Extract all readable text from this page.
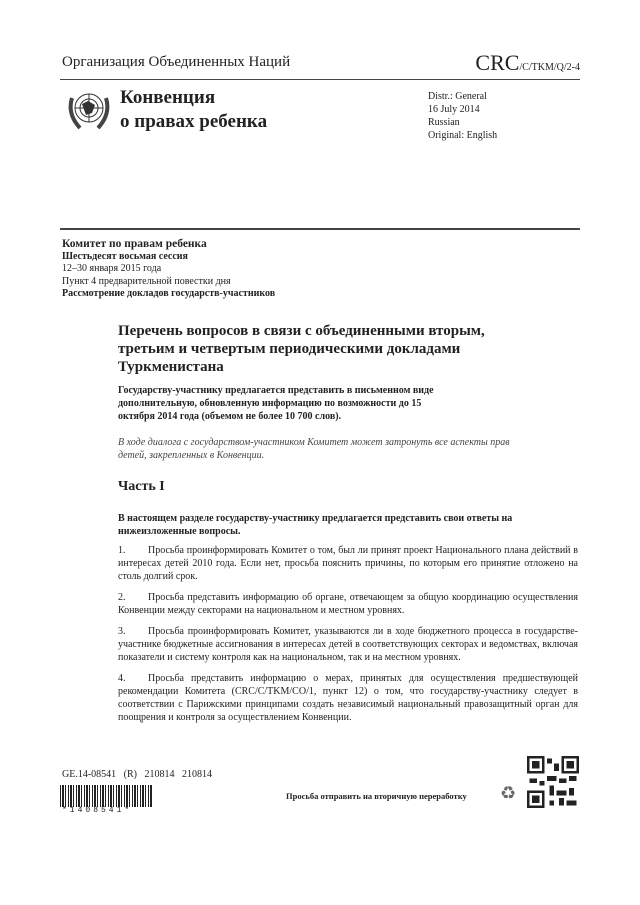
Организация Объединенных Наций	CRC/C/TKM/Q/2-4
Конвенция
о правах ребенка
Distr.: General
16 July 2014
Russian
Original: English
Комитет по правам ребенка
Шестьдесят восьмая сессия
12–30 января 2015 года
Пункт 4 предварительной повестки дня
Рассмотрение докладов государств-участников
Перечень вопросов в связи с объединенными вторым, третьим и четвертым периодическими докладами Туркменистана
Государству-участнику предлагается представить в письменном виде дополнительную, обновленную информацию по возможности до 15 октября 2014 года (объемом не более 10 700 слов).
В ходе диалога с государством-участником Комитет может затронуть все аспекты прав детей, закрепленных в Конвенции.
Часть I
В настоящем разделе государству-участнику предлагается представить свои ответы на нижеизложенные вопросы.

1. Просьба проинформировать Комитет о том, был ли принят проект Национального плана действий в интересах детей 2010 года. Если нет, просьба пояснить причины, по которым его принятие отложено на столь долгий срок.

2. Просьба представить информацию об органе, отвечающем за общую координацию осуществления Конвенции между секторами на национальном и местном уровнях.

3. Просьба проинформировать Комитет, указываются ли в ходе бюджетного процесса в государстве-участнике бюджетные ассигнования в интересах детей в соответствующих секторах и ведомствах, включая показатели и систему контроля как на национальном, так и на местном уровнях.

4. Просьба представить информацию о мерах, принятых для осуществления предшествующей рекомендации Комитета (CRC/C/TKM/CO/1, пункт 12) о том, что государству-участнику следует в соответствии с Парижскими принципами создать независимый национальный правозащитный орган для поощрения и контроля за осуществлением Конвенции.

GE.14-08541   (R)   210814   210814
*1408541*
Просьба отправить на вторичную переработку ♻
